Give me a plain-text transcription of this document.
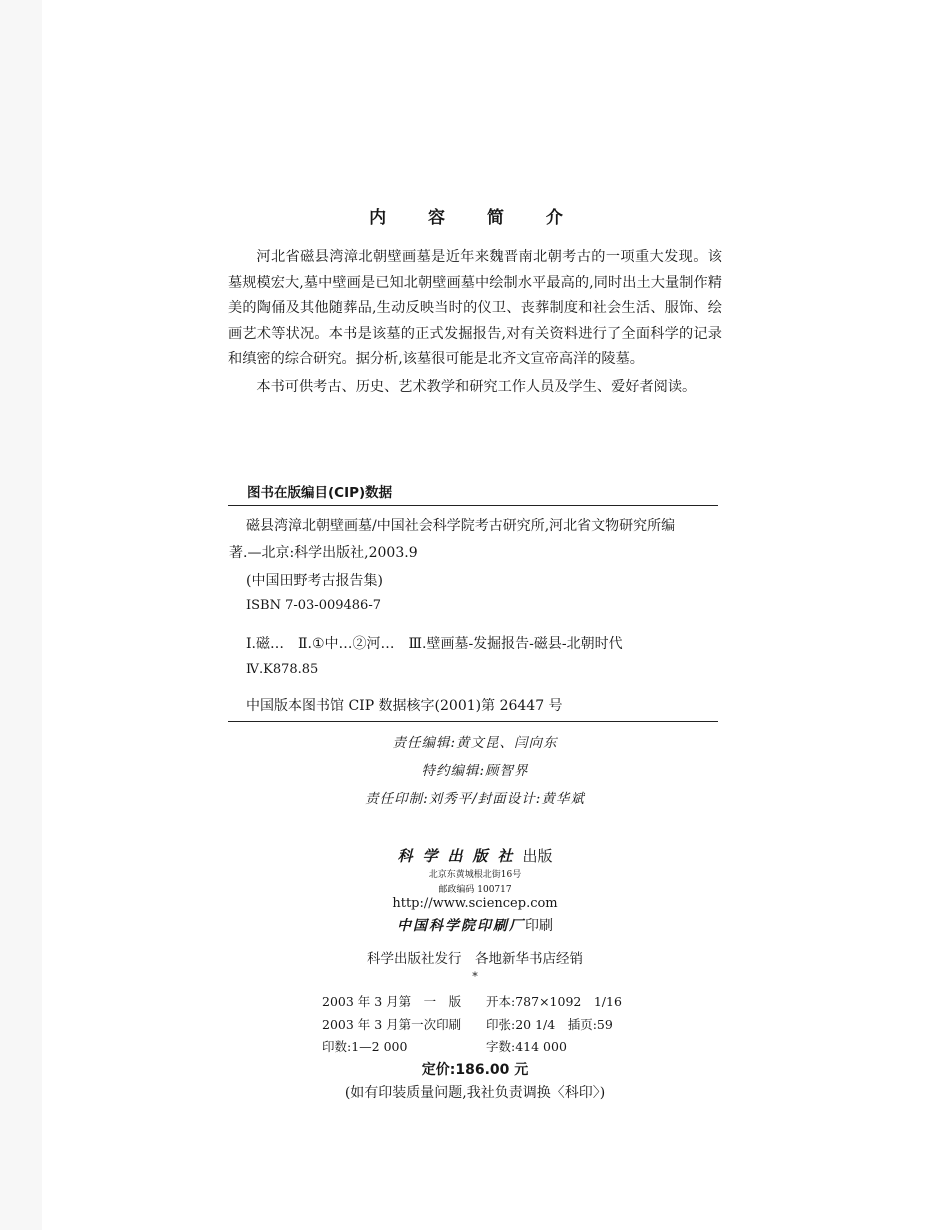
内 容 简 介

河北省磁县湾漳北朝壁画墓是近年来魏晋南北朝考古的一项重大发现。该墓规模宏大,墓中壁画是已知北朝壁画墓中绘制水平最高的,同时出土大量制作精美的陶俑及其他随葬品,生动反映当时的仪卫、丧葬制度和社会生活、服饰、绘画艺术等状况。本书是该墓的正式发掘报告,对有关资料进行了全面科学的记录和缜密的综合研究。据分析,该墓很可能是北齐文宣帝高洋的陵墓。

本书可供考古、历史、艺术教学和研究工作人员及学生、爱好者阅读。

图书在版编目(CIP)数据
磁县湾漳北朝壁画墓/中国社会科学院考古研究所,河北省文物研究所编
著.—北京:科学出版社,2003.9
(中国田野考古报告集)
ISBN 7-03-009486-7
Ⅰ.磁…　Ⅱ.①中…②河…　Ⅲ.壁画墓-发掘报告-磁县-北朝时代
Ⅳ.K878.85
中国版本图书馆 CIP 数据核字(2001)第 26447 号
责任编辑:黄文昆、闫向东
特约编辑:顾智界
责任印制:刘秀平/封面设计:黄华斌
科学出版社出版
北京东黄城根北街16号
邮政编码 100717
http://www.sciencep.com
中国科学院印刷厂印刷
科学出版社发行　各地新华书店经销
*
2003 年 3 月第　一　版 开本:787×1092　1/16
2003 年 3 月第一次印刷 印张:20 1/4　插页:59
印数:1—2 000	字数:414 000
定价:186.00 元
(如有印装质量问题,我社负责调换〈科印〉)
